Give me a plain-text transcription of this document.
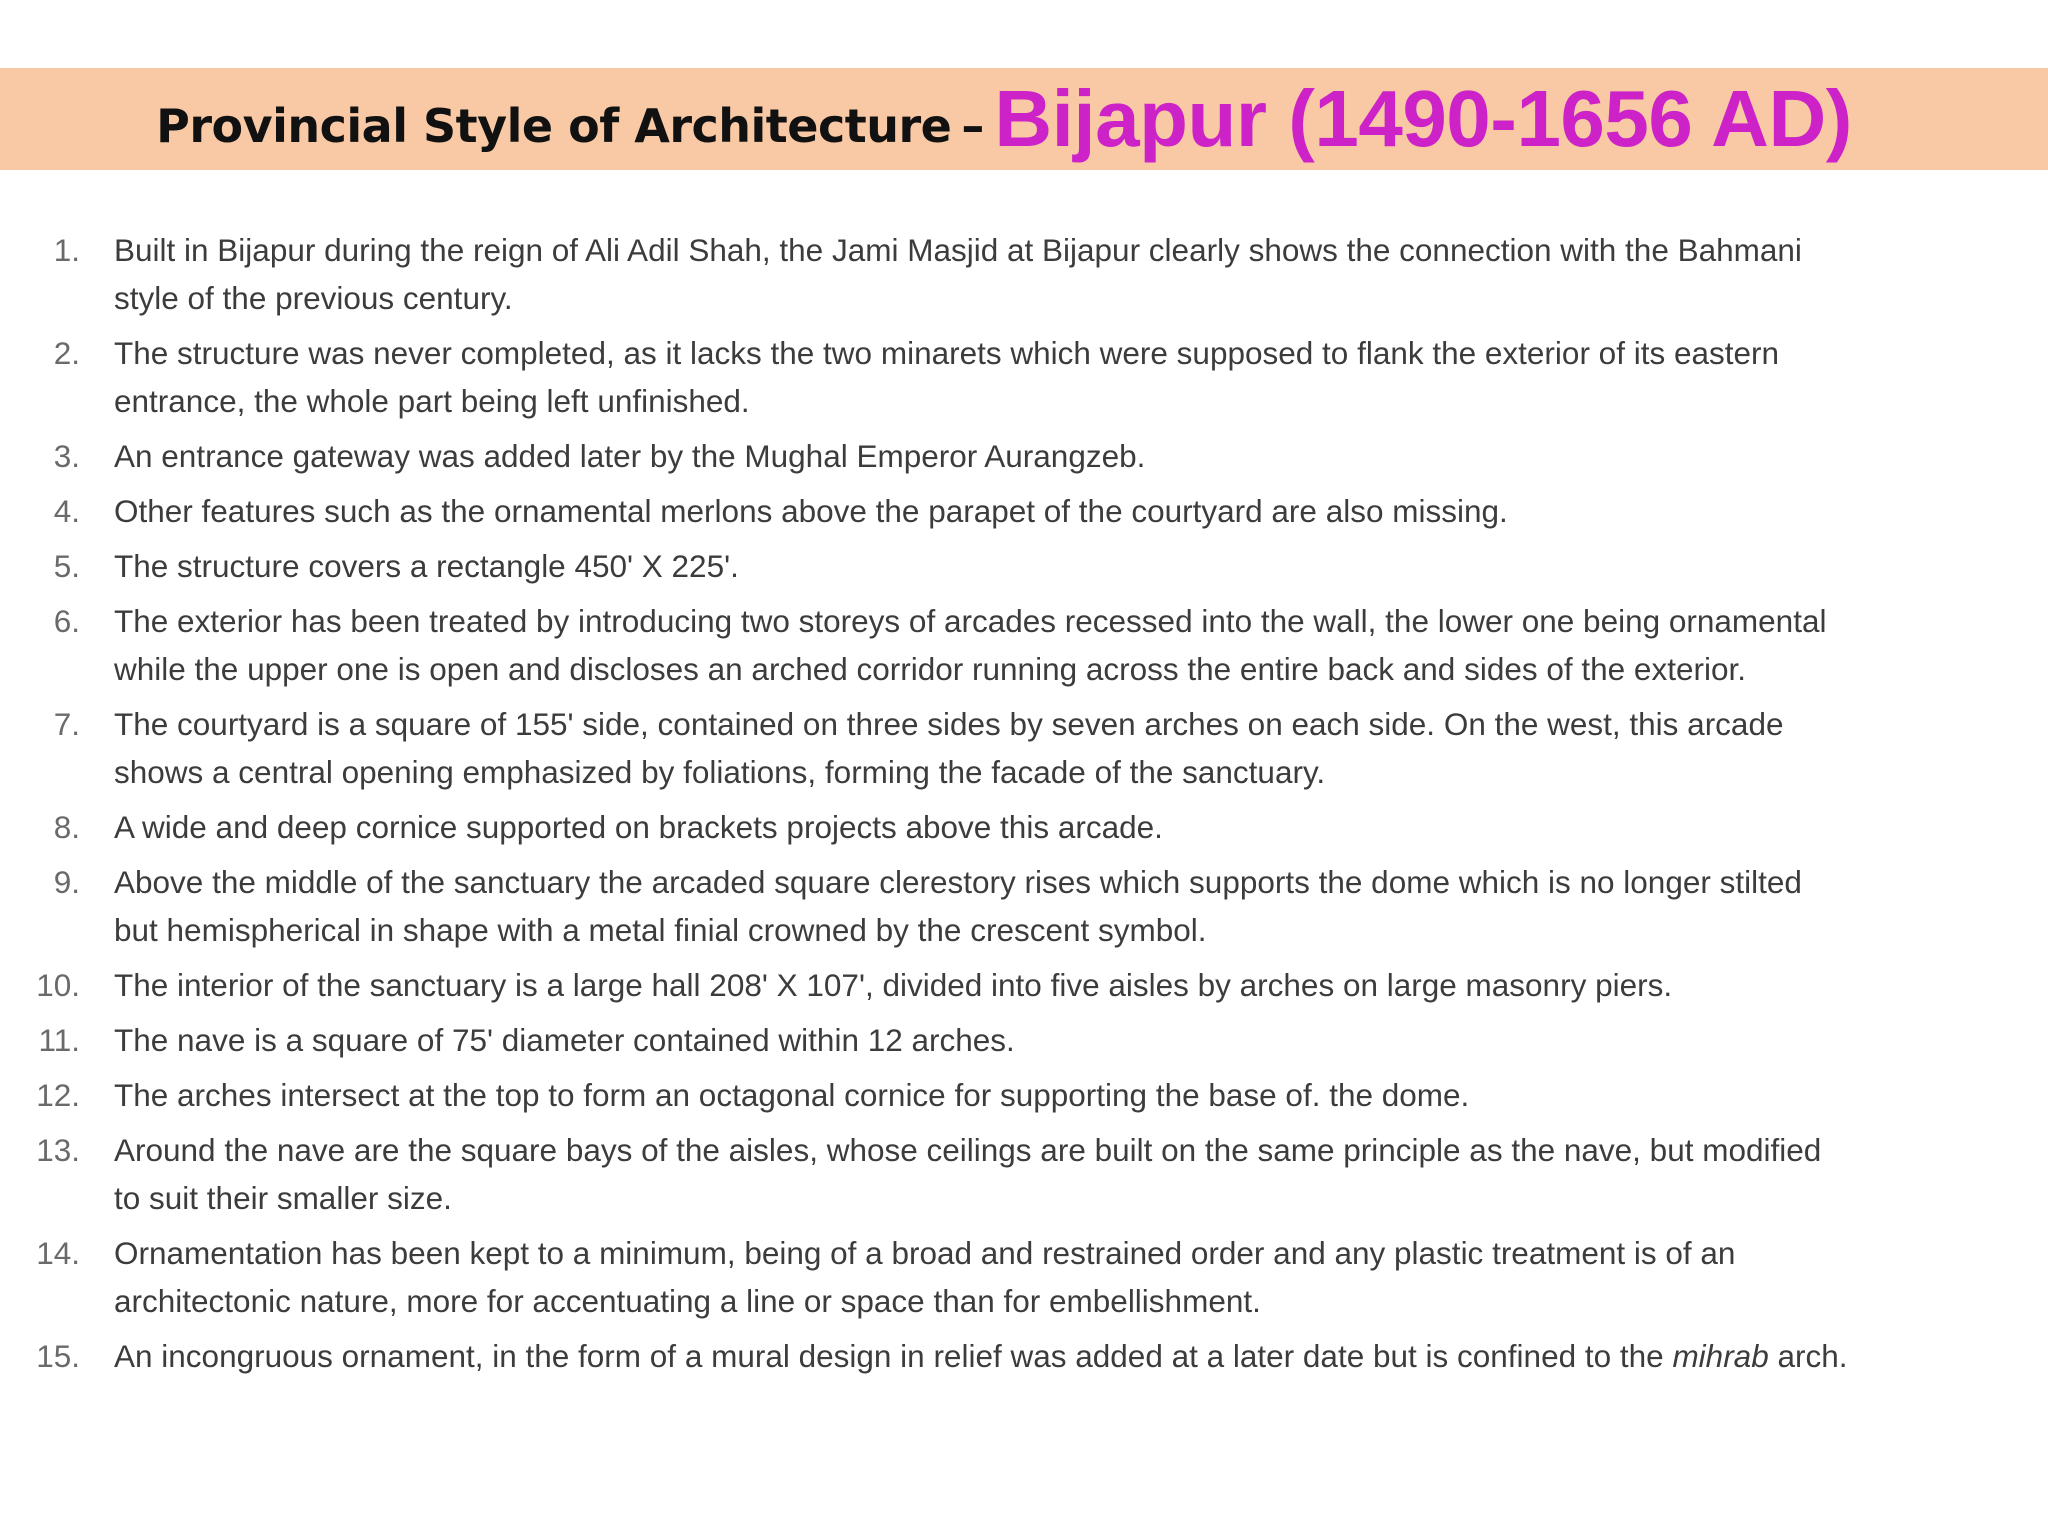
Provincial Style of Architecture – Bijapur (1490-1656 AD)
1. Built in Bijapur during the reign of Ali Adil Shah, the Jami Masjid at Bijapur clearly shows the connection with the Bahmani style of the previous century.
2. The structure was never completed, as it lacks the two minarets which were supposed to flank the exterior of its eastern entrance, the whole part being left unfinished.
3. An entrance gateway was added later by the Mughal Emperor Aurangzeb.
4. Other features such as the ornamental merlons above the parapet of the courtyard are also missing.
5. The structure covers a rectangle 450' X 225'.
6. The exterior has been treated by introducing two storeys of arcades recessed into the wall, the lower one being ornamental while the upper one is open and discloses an arched corridor running across the entire back and sides of the exterior.
7. The courtyard is a square of 155' side, contained on three sides by seven arches on each side. On the west, this arcade shows a central opening emphasized by foliations, forming the facade of the sanctuary.
8. A wide and deep cornice supported on brackets projects above this arcade.
9. Above the middle of the sanctuary the arcaded square clerestory rises which supports the dome which is no longer stilted but hemispherical in shape with a metal finial crowned by the crescent symbol.
10. The interior of the sanctuary is a large hall 208' X 107', divided into five aisles by arches on large masonry piers.
11. The nave is a square of 75' diameter contained within 12 arches.
12. The arches intersect at the top to form an octagonal cornice for supporting the base of. the dome.
13. Around the nave are the square bays of the aisles, whose ceilings are built on the same principle as the nave, but modified to suit their smaller size.
14. Ornamentation has been kept to a minimum, being of a broad and restrained order and any plastic treatment is of an architectonic nature, more for accentuating a line or space than for embellishment.
15. An incongruous ornament, in the form of a mural design in relief was added at a later date but is confined to the mihrab arch.
